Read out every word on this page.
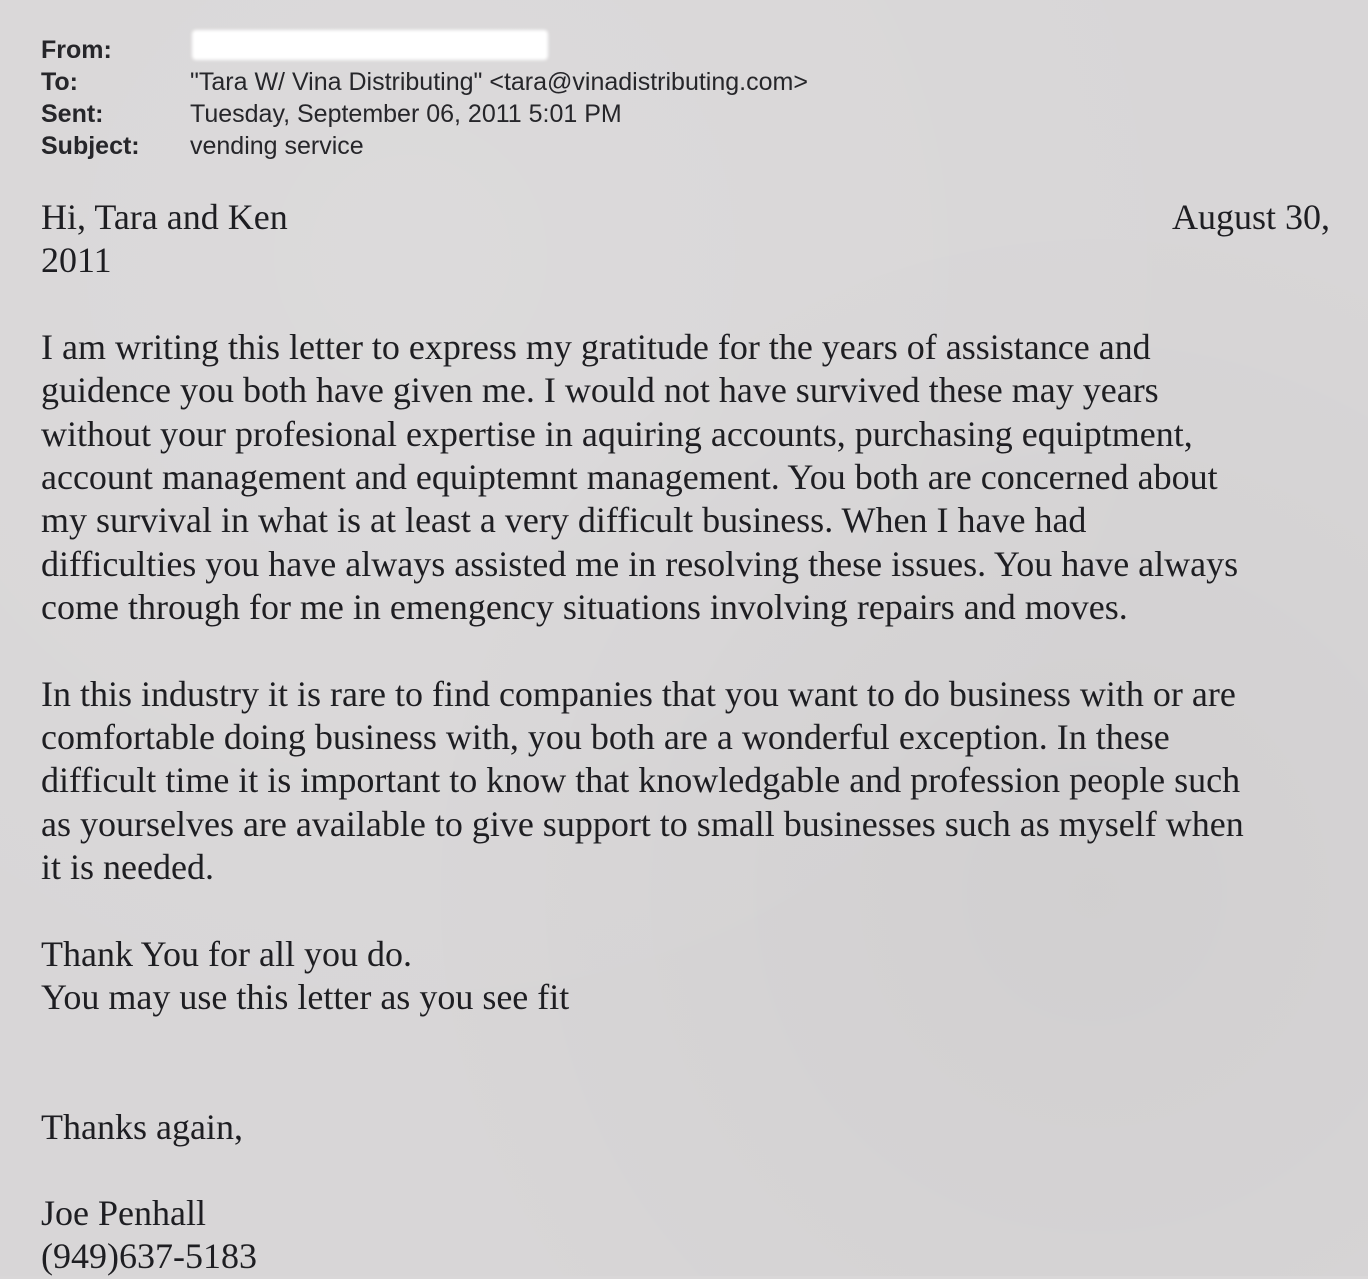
From:
To:	"Tara W/ Vina Distributing" <tara@vinadistributing.com>
Sent:	Tuesday, September 06, 2011 5:01 PM
Subject:	vending service
Hi, Tara and Ken	August 30,
2011

I am writing this letter to express my gratitude for the years of assistance and
guidence you both have given me. I would not have survived these may years
without your profesional expertise in aquiring accounts, purchasing equiptment,
account management and equiptemnt management. You both are concerned about
my survival in what is at least a very difficult business. When I have had
difficulties you have always assisted me in resolving these issues. You have always
come through for me in emengency situations involving repairs and moves.

In this industry it is rare to find companies that you want to do business with or are
comfortable doing business with, you both are a wonderful exception. In these
difficult time it is important to know that knowledgable and profession people such
as yourselves are available to give support to small businesses such as myself when
it is needed.

Thank You for all you do.
You may use this letter as you see fit
Thanks again,
Joe Penhall
(949)637-5183
